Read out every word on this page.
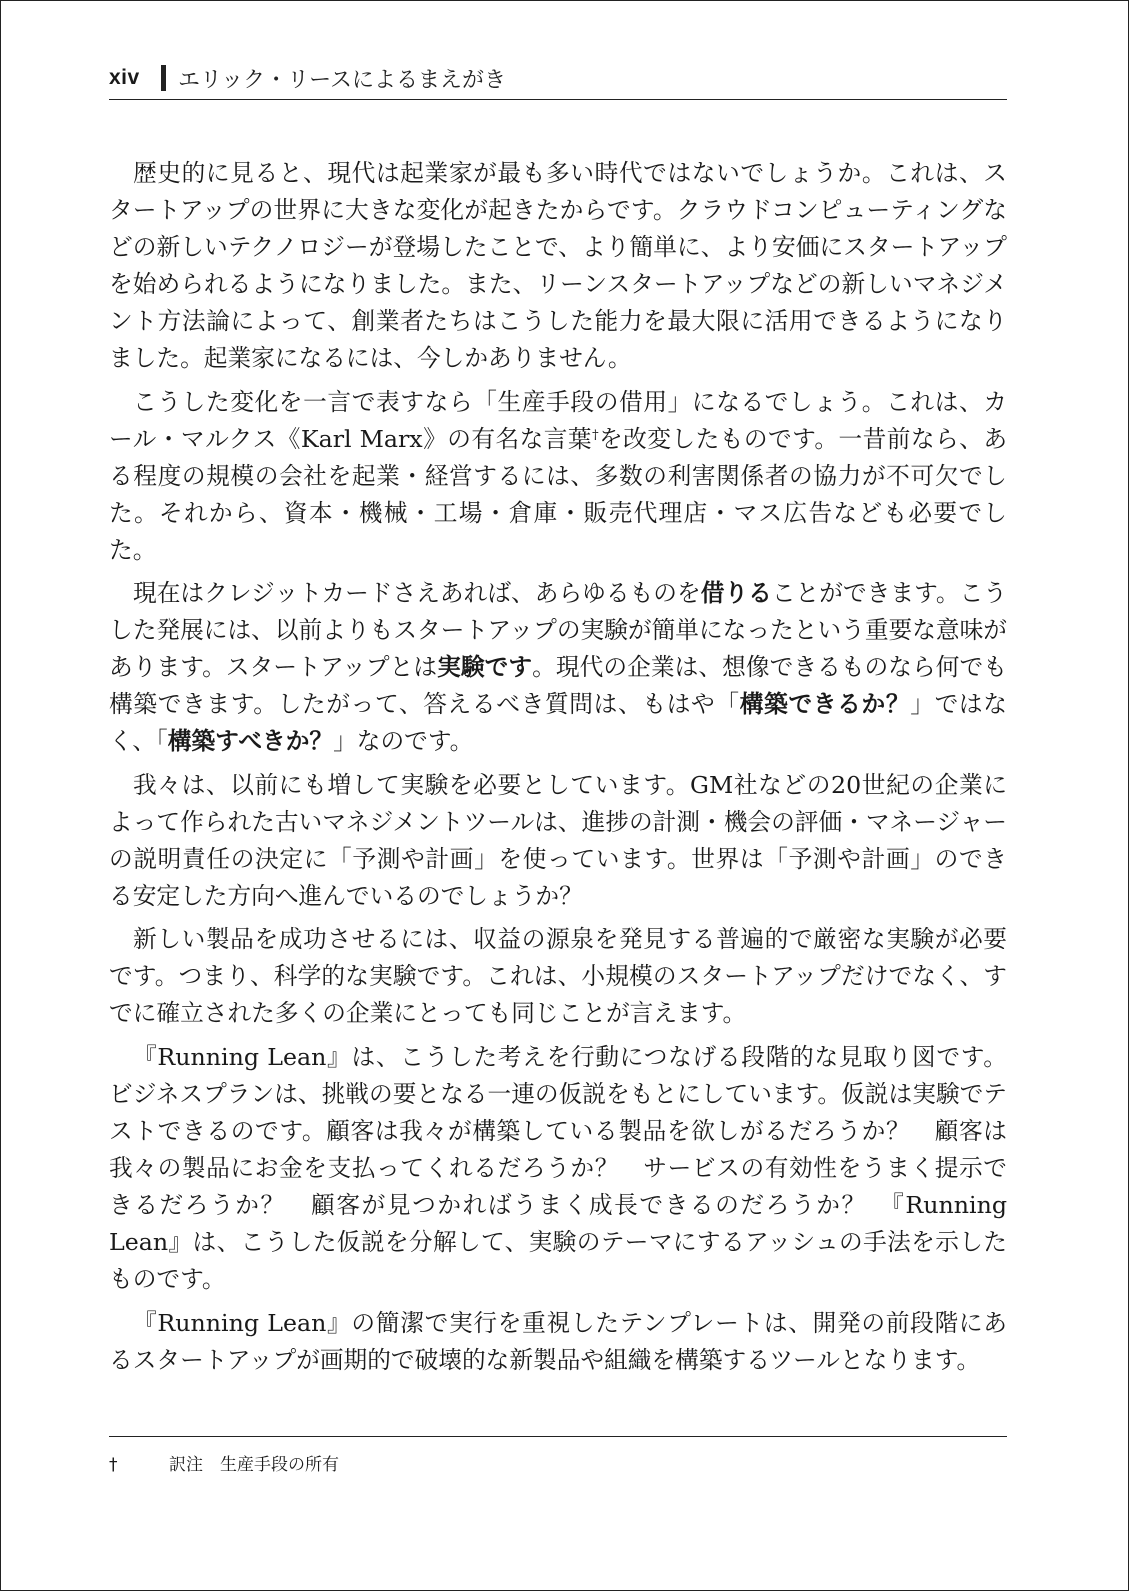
xiv	エリック・リースによるまえがき

歴史的に見ると、現代は起業家が最も多い時代ではないでしょうか。これは、スタートアップの世界に大きな変化が起きたからです。クラウドコンピューティングなどの新しいテクノロジーが登場したことで、より簡単に、より安価にスタートアップを始められるようになりました。また、リーンスタートアップなどの新しいマネジメント方法論によって、創業者たちはこうした能力を最大限に活用できるようになりました。起業家になるには、今しかありません。

こうした変化を一言で表すなら「生産手段の借用」になるでしょう。これは、カール・マルクス《Karl Marx》の有名な言葉†を改変したものです。一昔前なら、ある程度の規模の会社を起業・経営するには、多数の利害関係者の協力が不可欠でした。それから、資本・機械・工場・倉庫・販売代理店・マス広告なども必要でした。

現在はクレジットカードさえあれば、あらゆるものを借りることができます。こうした発展には、以前よりもスタートアップの実験が簡単になったという重要な意味があります。スタートアップとは実験です。現代の企業は、想像できるものなら何でも構築できます。したがって、答えるべき質問は、もはや「構築できるか？」ではなく、「構築すべきか？」なのです。

我々は、以前にも増して実験を必要としています。GM社などの20世紀の企業によって作られた古いマネジメントツールは、進捗の計測・機会の評価・マネージャーの説明責任の決定に「予測や計画」を使っています。世界は「予測や計画」のできる安定した方向へ進んでいるのでしょうか？

新しい製品を成功させるには、収益の源泉を発見する普遍的で厳密な実験が必要です。つまり、科学的な実験です。これは、小規模のスタートアップだけでなく、すでに確立された多くの企業にとっても同じことが言えます。

『Running Lean』は、こうした考えを行動につなげる段階的な見取り図です。ビジネスプランは、挑戦の要となる一連の仮説をもとにしています。仮説は実験でテストできるのです。顧客は我々が構築している製品を欲しがるだろうか？　顧客は我々の製品にお金を支払ってくれるだろうか？　サービスの有効性をうまく提示できるだろうか？　顧客が見つかればうまく成長できるのだろうか？　『Running Lean』は、こうした仮説を分解して、実験のテーマにするアッシュの手法を示したものです。

『Running Lean』の簡潔で実行を重視したテンプレートは、開発の前段階にあるスタートアップが画期的で破壊的な新製品や組織を構築するツールとなります。

†	訳注　生産手段の所有
